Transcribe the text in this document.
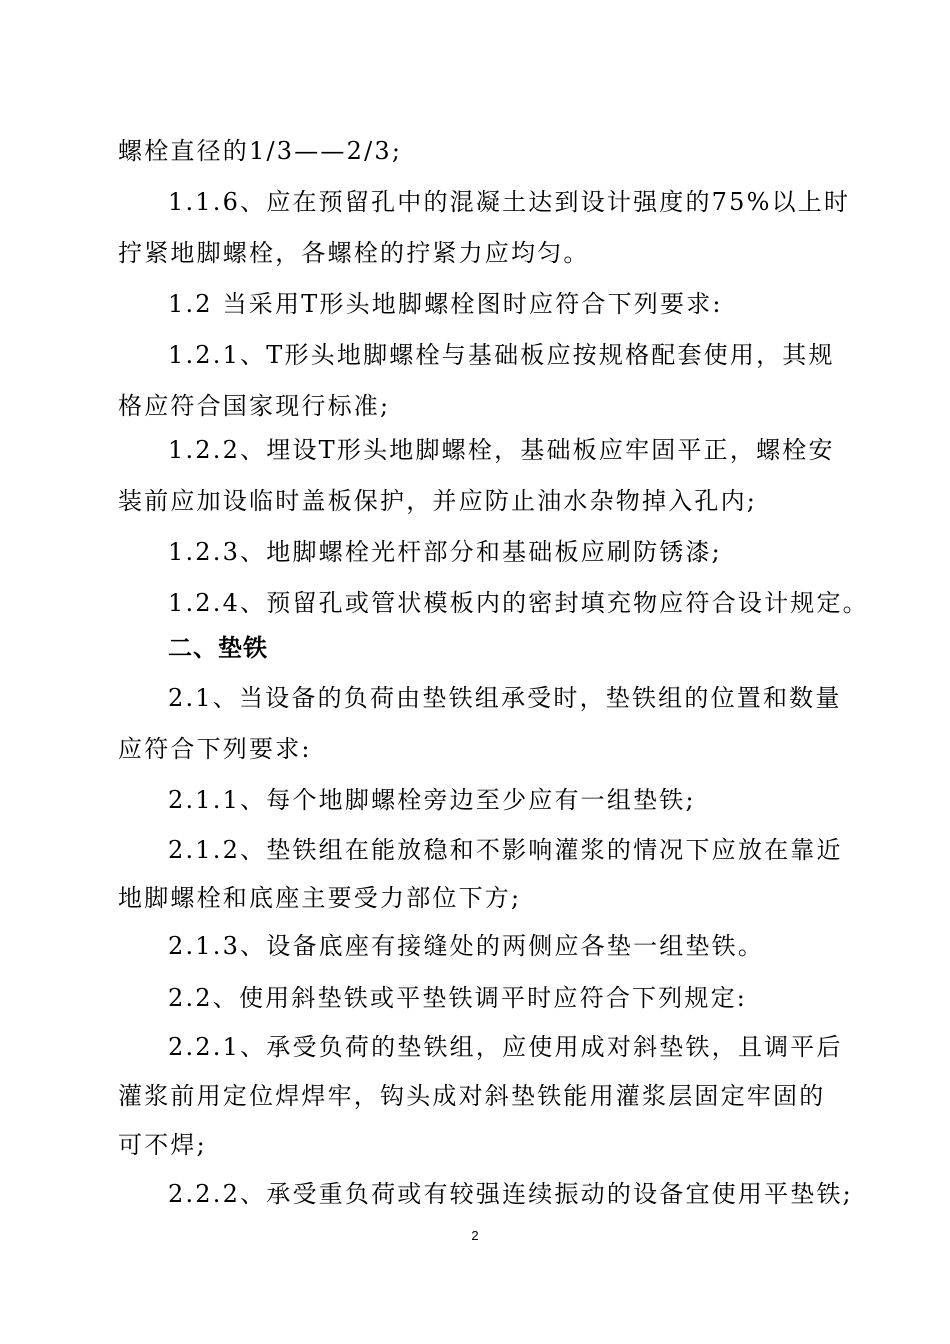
螺栓直径的1/3——2/3;
1.1.6、应在预留孔中的混凝土达到设计强度的75%以上时
拧紧地脚螺栓，各螺栓的拧紧力应均匀。
1.2 当采用T形头地脚螺栓图时应符合下列要求:
1.2.1、T形头地脚螺栓与基础板应按规格配套使用，其规
格应符合国家现行标准;
1.2.2、埋设T形头地脚螺栓，基础板应牢固平正，螺栓安
装前应加设临时盖板保护，并应防止油水杂物掉入孔内;
1.2.3、地脚螺栓光杆部分和基础板应刷防锈漆;
1.2.4、预留孔或管状模板内的密封填充物应符合设计规定。
二、垫铁
2.1、当设备的负荷由垫铁组承受时，垫铁组的位置和数量
应符合下列要求:
2.1.1、每个地脚螺栓旁边至少应有一组垫铁;
2.1.2、垫铁组在能放稳和不影响灌浆的情况下应放在靠近
地脚螺栓和底座主要受力部位下方;
2.1.3、设备底座有接缝处的两侧应各垫一组垫铁。
2.2、使用斜垫铁或平垫铁调平时应符合下列规定:
2.2.1、承受负荷的垫铁组，应使用成对斜垫铁，且调平后
灌浆前用定位焊焊牢，钩头成对斜垫铁能用灌浆层固定牢固的
可不焊;
2.2.2、承受重负荷或有较强连续振动的设备宜使用平垫铁;
2
